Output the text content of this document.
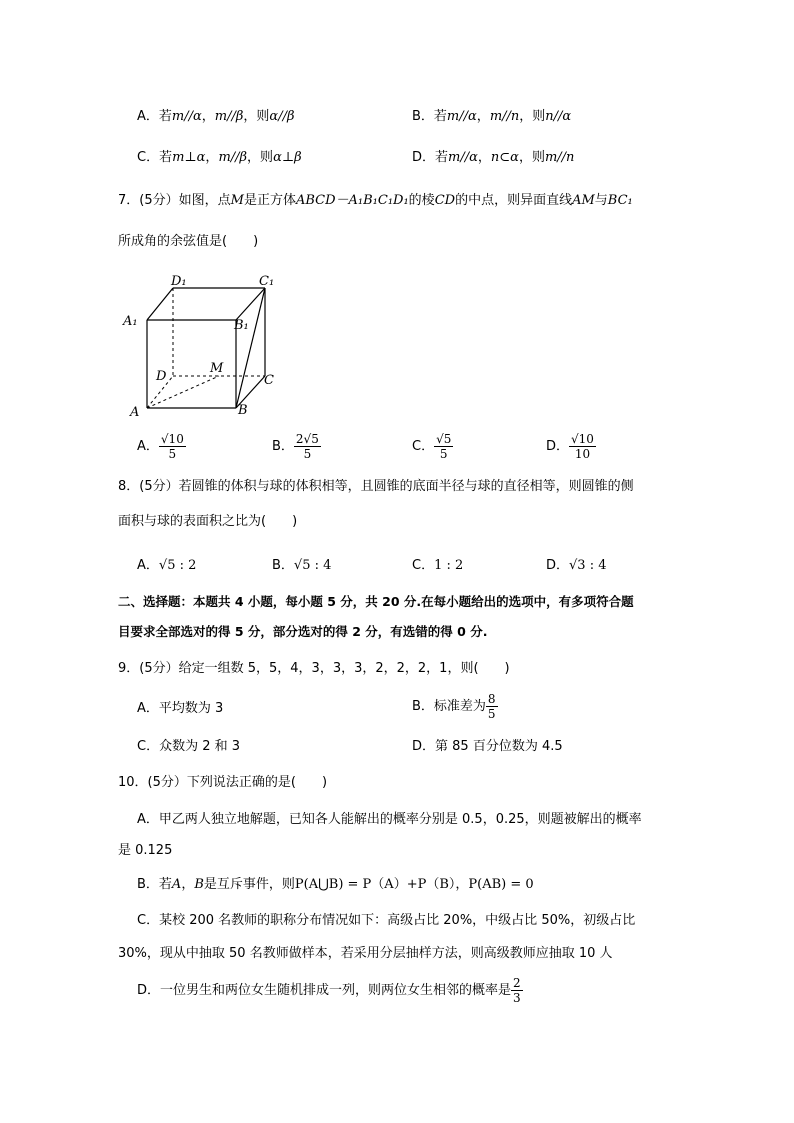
A．若m//α，m//β，则α//β	B．若m//α，m//n，则n//α
C．若m⊥α，m//β，则α⊥β	D．若m//α，n⊂α，则m//n
7．(5分）如图，点M是正方体ABCD－A₁B₁C₁D₁的棱CD的中点，则异面直线AM与BC₁
所成角的余弦值是(　　)
D₁	C₁
A₁	B₁
M
D	C
A	B
A． $\frac{√10}{5}$	B． $\frac{2√5}{5}$	C． $\frac{√5}{5}$	D． $\frac{√10}{10}$
8．(5分）若圆锥的体积与球的体积相等，且圆锥的底面半径与球的直径相等，则圆锥的侧
面积与球的表面积之比为(　　)
A．√5 : 2	B．√5 : 4	C．1 : 2	D．√3 : 4
二、选择题：本题共 4 小题，每小题 5 分，共 20 分.在每小题给出的选项中，有多项符合题
目要求全部选对的得 5 分，部分选对的得 2 分，有选错的得 0 分.
9．(5分）给定一组数 5，5，4，3，3，3，2，2，2，1，则(　　)
A．平均数为 3	B．标准差为 $\frac{8}{5}$
C．众数为 2 和 3	D．第 85 百分位数为 4.5
10．(5分）下列说法正确的是(　　)
A．甲乙两人独立地解题，已知各人能解出的概率分别是 0.5，0.25，则题被解出的概率
是 0.125
B．若A，B是互斥事件，则P(A⋃B) = P（A）+P（B），P(AB) = 0
C．某校 200 名教师的职称分布情况如下：高级占比 20%，中级占比 50%，初级占比
30%，现从中抽取 50 名教师做样本，若采用分层抽样方法，则高级教师应抽取 10 人
D．一位男生和两位女生随机排成一列，则两位女生相邻的概率是 $\frac{2}{3}$
